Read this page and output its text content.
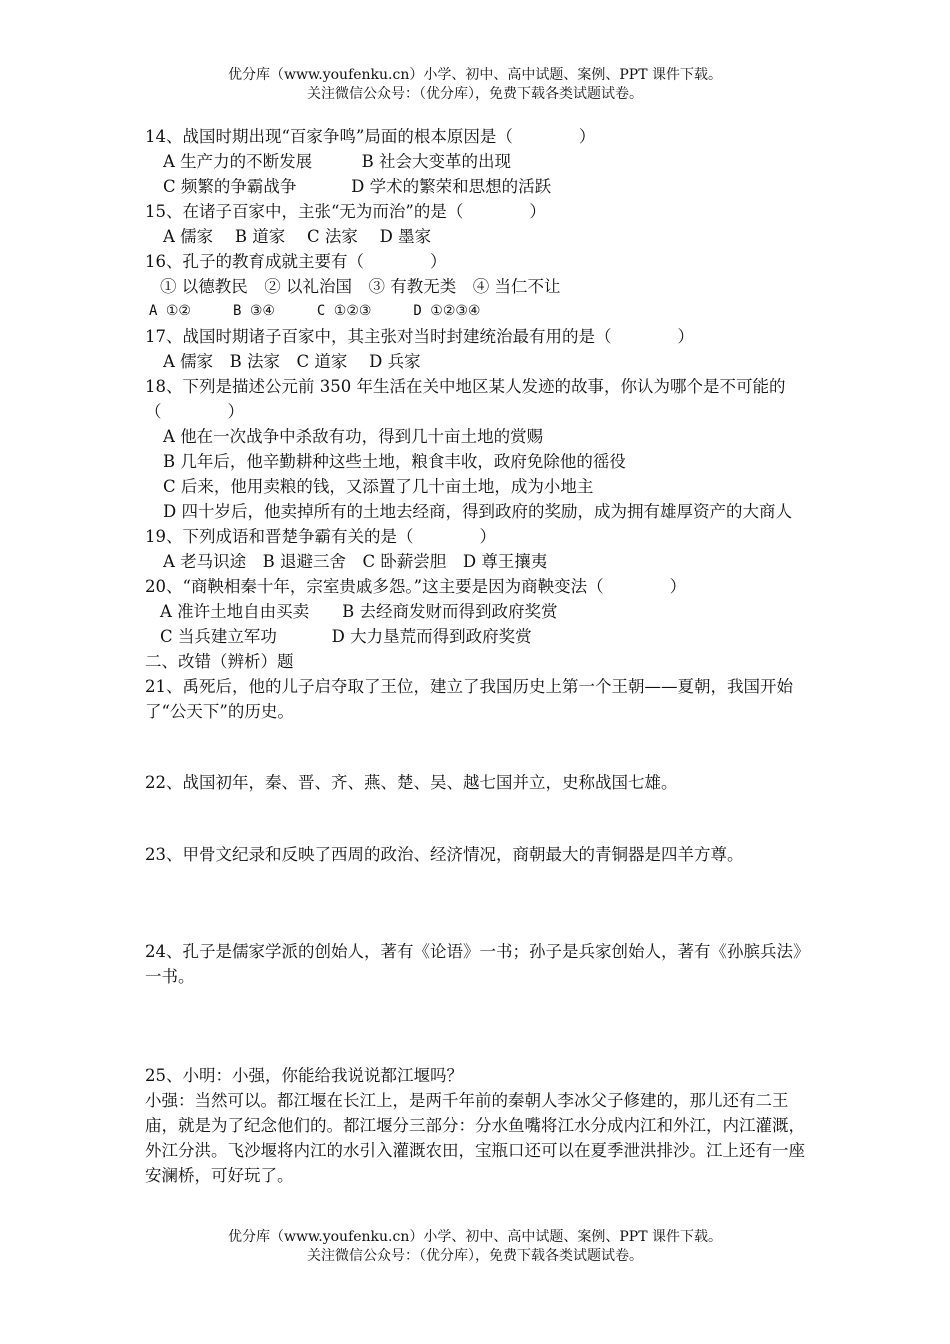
优分库（www.youfenku.cn）小学、初中、高中试题、案例、PPT 课件下载。
关注微信公众号：（优分库），免费下载各类试题试卷。
14、战国时期出现“百家争鸣”局面的根本原因是（　　　　）
A 生产力的不断发展　　　B 社会大变革的出现
C 频繁的争霸战争　　　 D 学术的繁荣和思想的活跃
15、在诸子百家中，主张“无为而治”的是（　　　　）
A 儒家　 B 道家　 C 法家　 D 墨家
16、孔子的教育成就主要有（　　　　）
① 以德教民　② 以礼治国　③ 有教无类　④ 当仁不让
A ①②　　　B ③④　　　C ①②③　　　D ①②③④
17、战国时期诸子百家中，其主张对当时封建统治最有用的是（　　　　）
A 儒家　B 法家　C 道家　 D 兵家
18、下列是描述公元前 350 年生活在关中地区某人发迹的故事，你认为哪个是不可能的（　　　　）
A 他在一次战争中杀敌有功，得到几十亩土地的赏赐
B 几年后，他辛勤耕种这些土地，粮食丰收，政府免除他的徭役
C 后来，他用卖粮的钱，又添置了几十亩土地，成为小地主
D 四十岁后，他卖掉所有的土地去经商，得到政府的奖励，成为拥有雄厚资产的大商人
19、下列成语和晋楚争霸有关的是（　　　　）
A 老马识途　B 退避三舍　C 卧薪尝胆　D 尊王攘夷
20、“商鞅相秦十年，宗室贵戚多怨。”这主要是因为商鞅变法（　　　　）
A 准许土地自由买卖　　B 去经商发财而得到政府奖赏
C 当兵建立军功　　　 D 大力垦荒而得到政府奖赏
二、改错（辨析）题
21、禹死后，他的儿子启夺取了王位，建立了我国历史上第一个王朝——夏朝，我国开始了“公天下”的历史。
22、战国初年，秦、晋、齐、燕、楚、吴、越七国并立，史称战国七雄。
23、甲骨文纪录和反映了西周的政治、经济情况，商朝最大的青铜器是四羊方尊。
24、孔子是儒家学派的创始人，著有《论语》一书；孙子是兵家创始人，著有《孙膑兵法》一书。
25、小明：小强，你能给我说说都江堰吗？
小强：当然可以。都江堰在长江上，是两千年前的秦朝人李冰父子修建的，那儿还有二王庙，就是为了纪念他们的。都江堰分三部分：分水鱼嘴将江水分成内江和外江，内江灌溉，外江分洪。飞沙堰将内江的水引入灌溉农田，宝瓶口还可以在夏季泄洪排沙。江上还有一座安澜桥，可好玩了。
优分库（www.youfenku.cn）小学、初中、高中试题、案例、PPT 课件下载。
关注微信公众号：（优分库），免费下载各类试题试卷。
